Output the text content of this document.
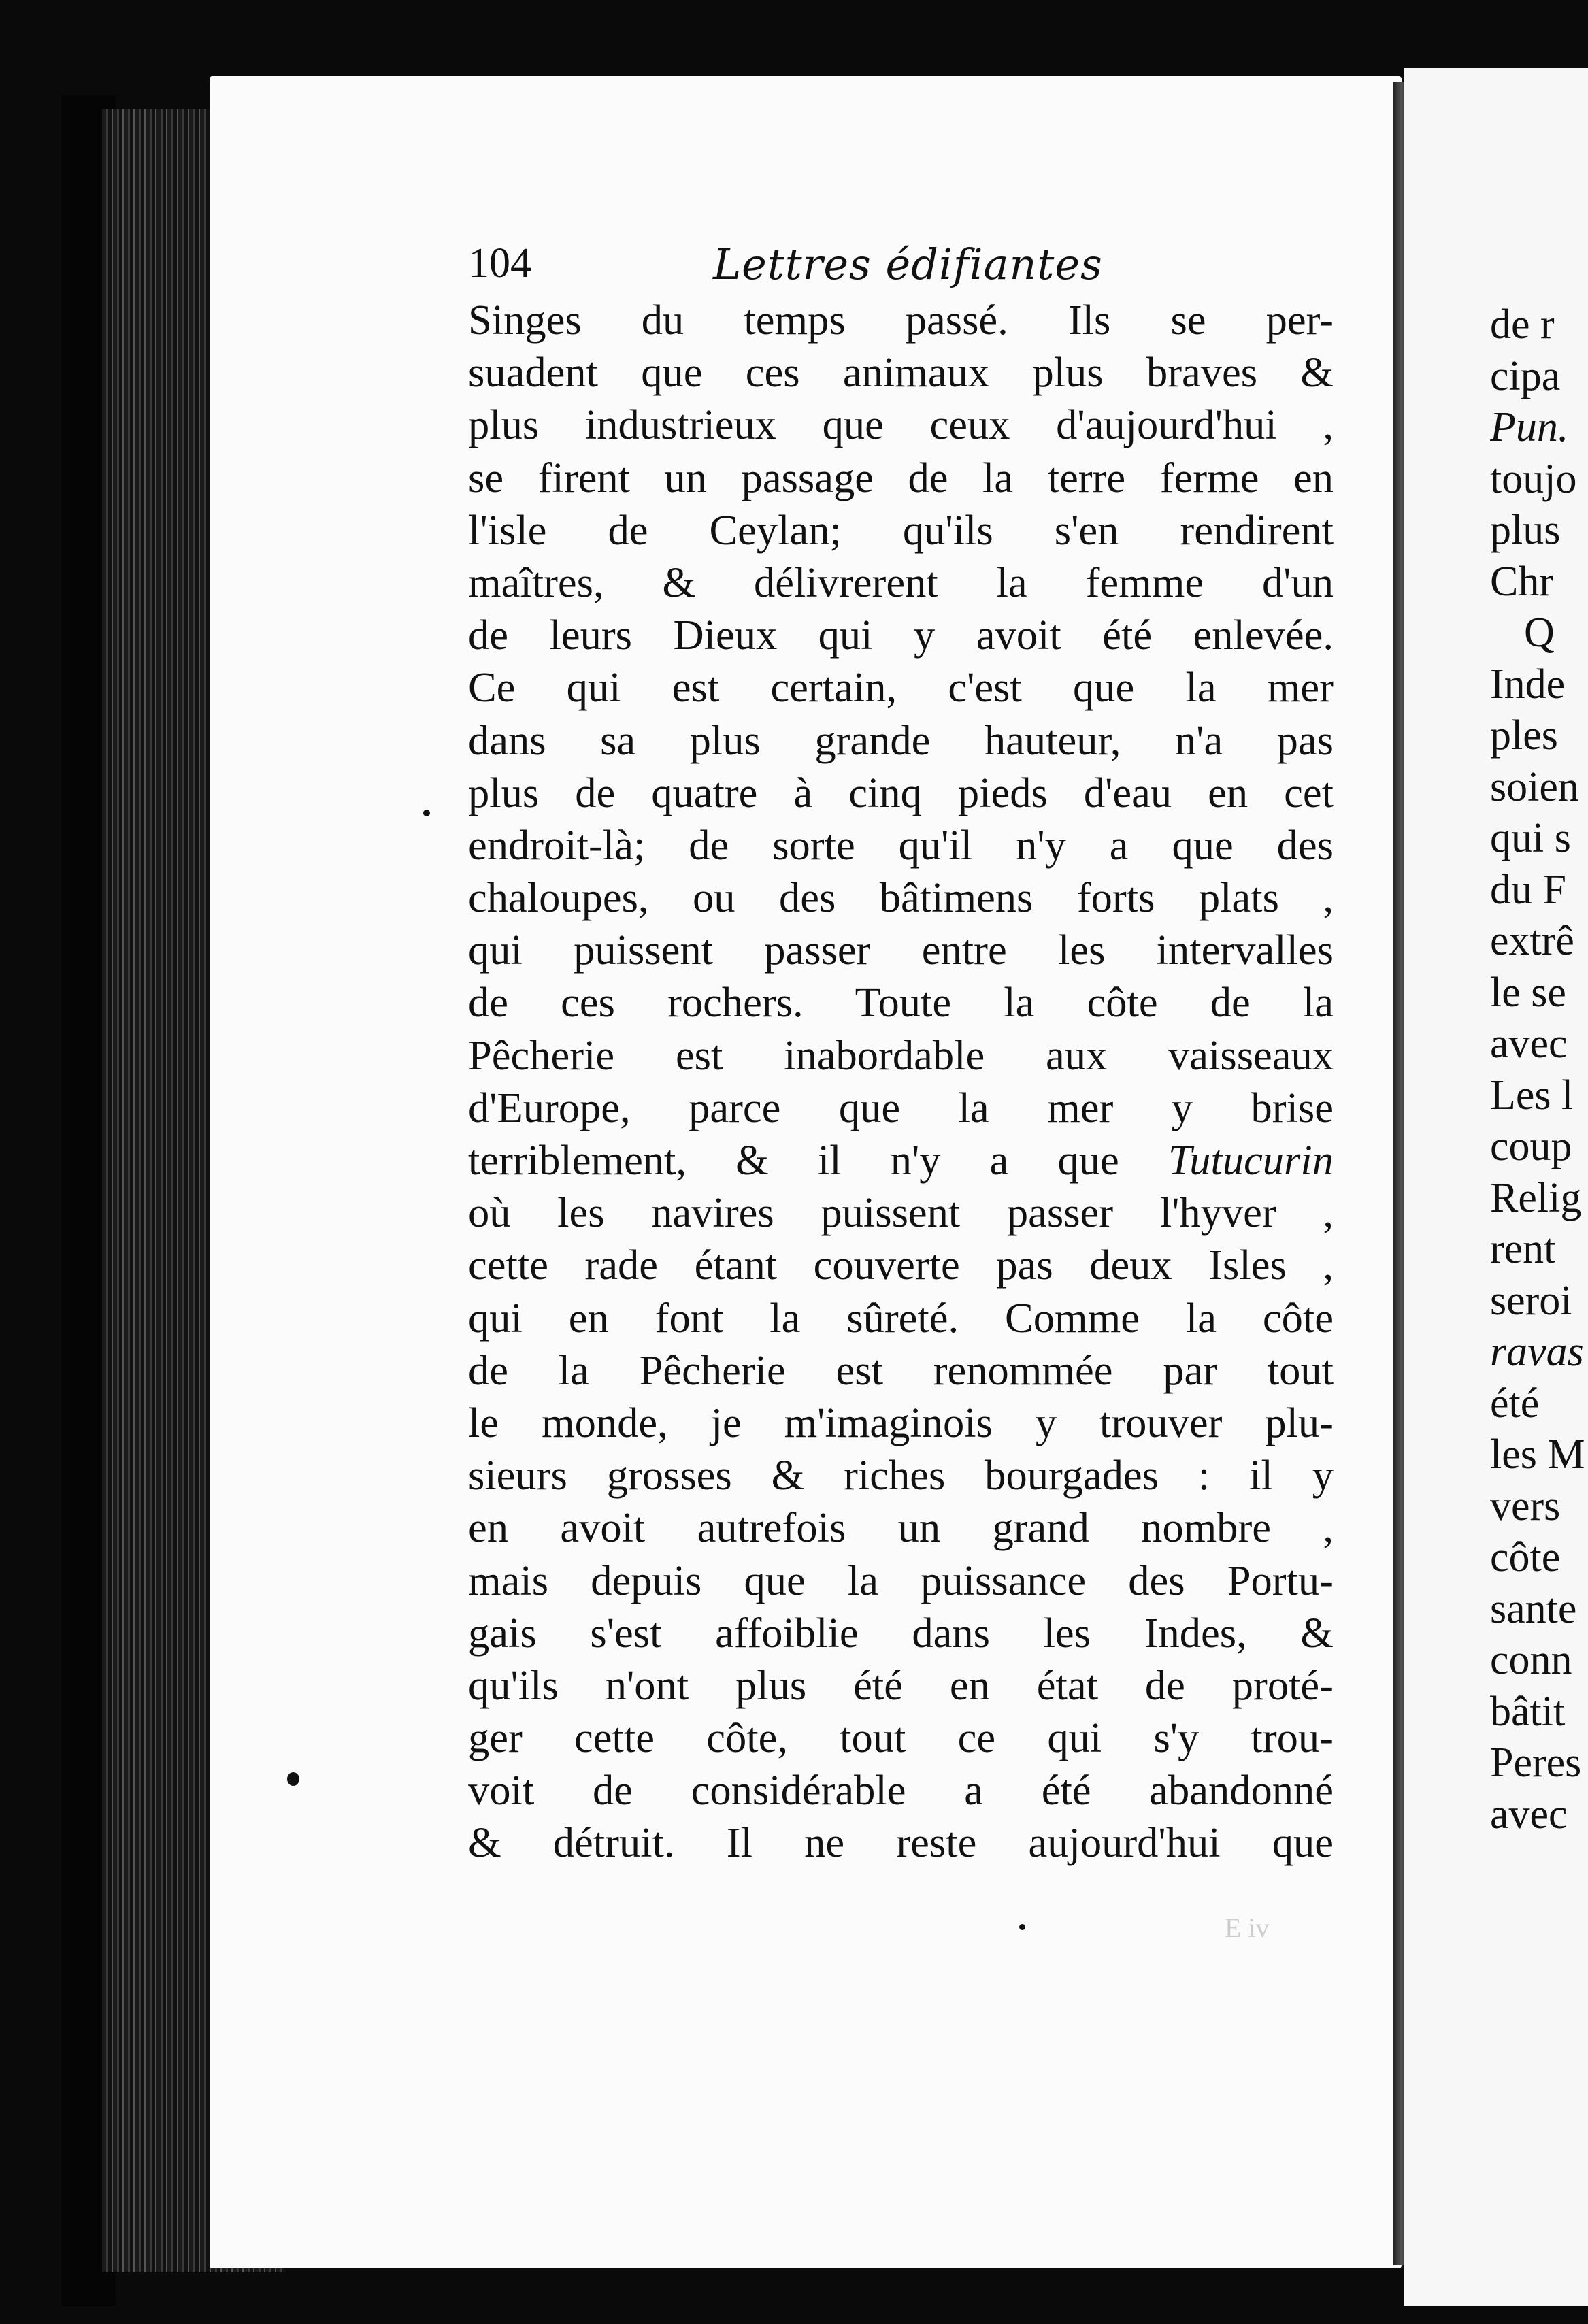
104	Lettres édifiantes
Singes du temps passé. Ils se per-
suadent que ces animaux plus braves &
plus industrieux que ceux d'aujourd'hui ,
se firent un passage de la terre ferme en
l'isle de Ceylan; qu'ils s'en rendirent
maîtres, & délivrerent la femme d'un
de leurs Dieux qui y avoit été enlevée.
Ce qui est certain, c'est que la mer
dans sa plus grande hauteur, n'a pas
plus de quatre à cinq pieds d'eau en cet
endroit-là; de sorte qu'il n'y a que des
chaloupes, ou des bâtimens forts plats ,
qui puissent passer entre les intervalles
de ces rochers. Toute la côte de la
Pêcherie est inabordable aux vaisseaux
d'Europe, parce que la mer y brise
terriblement, & il n'y a que Tutucurin
où les navires puissent passer l'hyver ,
cette rade étant couverte pas deux Isles ,
qui en font la sûreté. Comme la côte
de la Pêcherie est renommée par tout
le monde, je m'imaginois y trouver plu-
sieurs grosses & riches bourgades : il y
en avoit autrefois un grand nombre ,
mais depuis que la puissance des Portu-
gais s'est affoiblie dans les Indes, &
qu'ils n'ont plus été en état de proté-
ger cette côte, tout ce qui s'y trou-
voit de considérable a été abandonné
& détruit. Il ne reste aujourd'hui que
E iv
de r
cipa
Pun.
toujo
plus
Chr
Q
Inde
ples
soien
qui s
du F
extrê
le se
avec
Les l
coup
Relig
rent
seroi
ravas
été
les M
vers
côte
sante
conn
bâtit
Peres
avec
